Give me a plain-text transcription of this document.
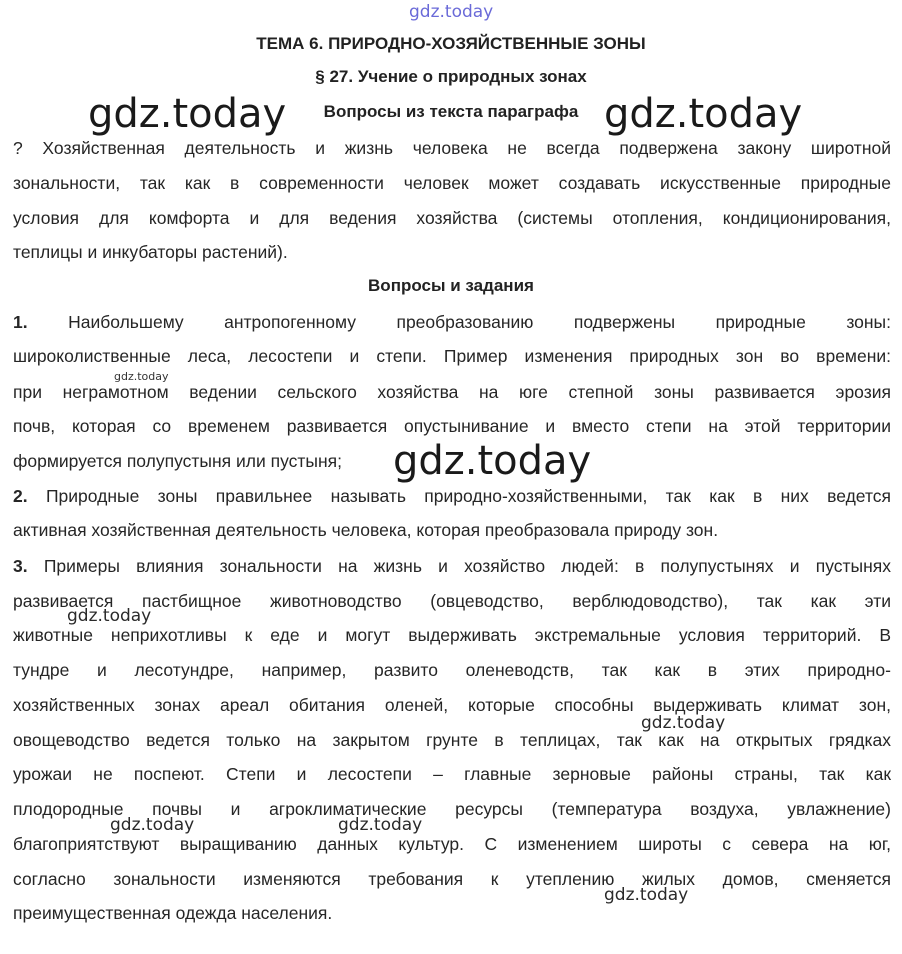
gdz.today
ТЕМА 6. ПРИРОДНО-ХОЗЯЙСТВЕННЫЕ ЗОНЫ
§ 27. Учение о природных зонах
Вопросы из текста параграфа
gdz.today	gdz.today
? Хозяйственная деятельность и жизнь человека не всегда подвержена закону широтной
зональности, так как в современности человек может создавать искусственные природные
условия для комфорта и для ведения хозяйства (системы отопления, кондиционирования,
теплицы и инкубаторы растений).
Вопросы и задания
1. Наибольшему антропогенному преобразованию подвержены природные зоны:
широколиственные леса, лесостепи и степи. Пример изменения природных зон во времени:
gdz.today
при неграмотном ведении сельского хозяйства на юге степной зоны развивается эрозия
почв, которая со временем развивается опустынивание и вместо степи на этой территории
формируется полупустыня или пустыня;	gdz.today
2. Природные зоны правильнее называть природно-хозяйственными, так как в них ведется
активная хозяйственная деятельность человека, которая преобразовала природу зон.
3. Примеры влияния зональности на жизнь и хозяйство людей: в полупустынях и пустынях
развивается пастбищное животноводство (овцеводство, верблюдоводство), так как эти
gdz.today
животные неприхотливы к еде и могут выдерживать экстремальные условия территорий. В
тундре и лесотундре, например, развито оленеводств, так как в этих природно-
хозяйственных зонах ареал обитания оленей, которые способны выдерживать климат зон,
gdz.today
овощеводство ведется только на закрытом грунте в теплицах, так как на открытых грядках
урожаи не поспеют. Степи и лесостепи – главные зерновые районы страны, так как
плодородные почвы и агроклиматические ресурсы (температура воздуха, увлажнение)
gdz.today	gdz.today
благоприятствуют выращиванию данных культур. С изменением широты с севера на юг,
согласно зональности изменяются требования к утеплению жилых домов, сменяется
gdz.today
преимущественная одежда населения.
